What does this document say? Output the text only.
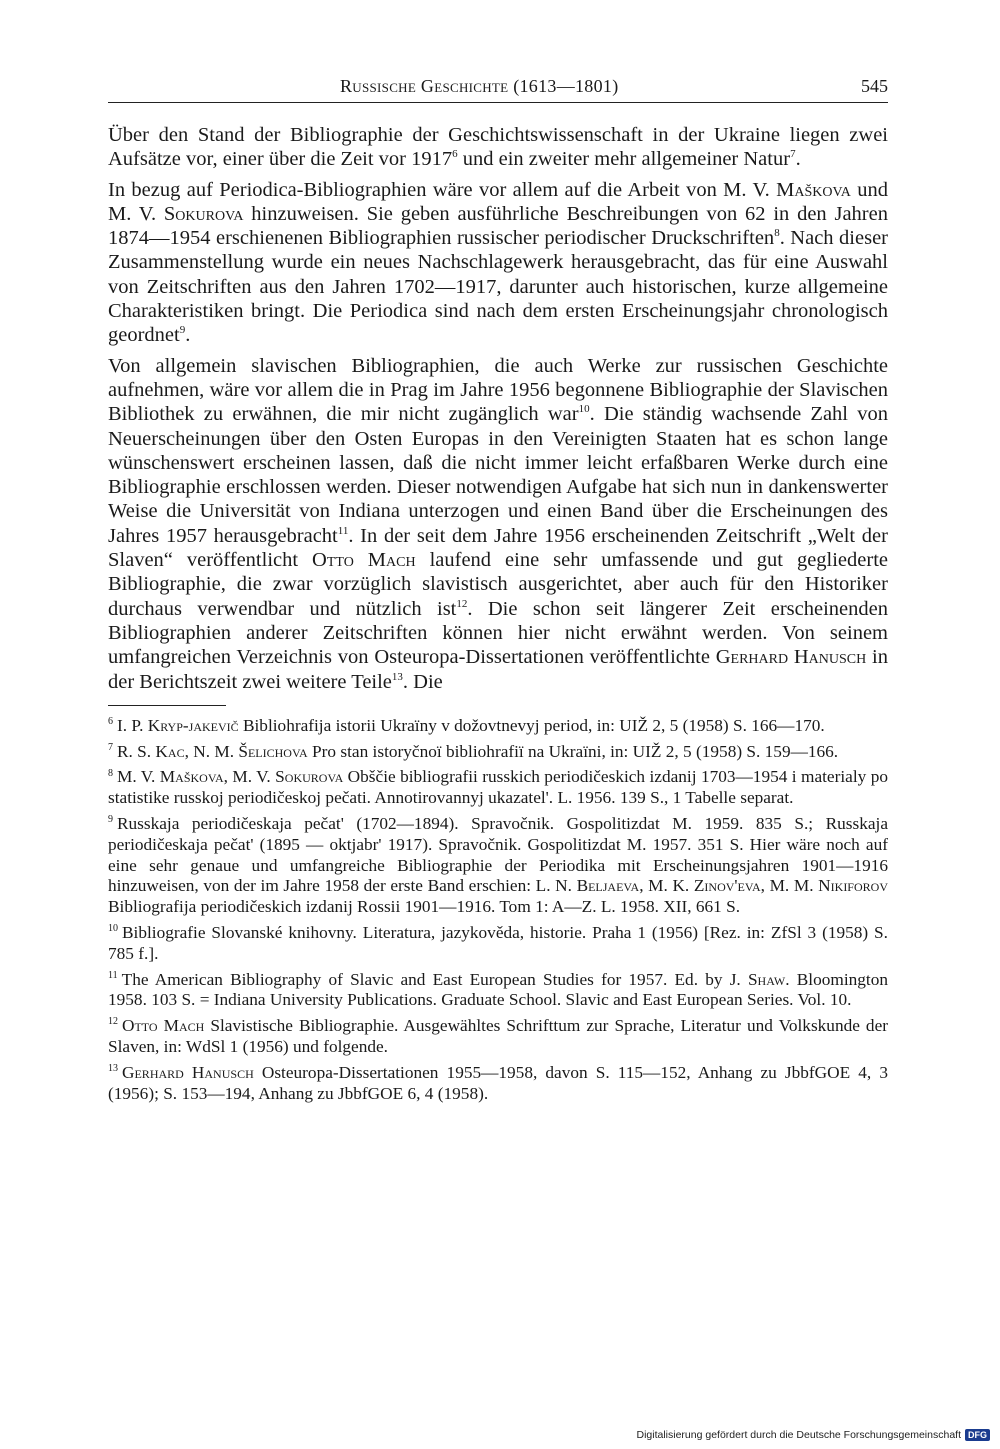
Russische Geschichte (1613—1801)	545

Über den Stand der Bibliographie der Geschichtswissenschaft in der Ukraine liegen zwei Aufsätze vor, einer über die Zeit vor 1917$^6$ und ein zweiter mehr allgemeiner Natur$^7$.

In bezug auf Periodica-Bibliographien wäre vor allem auf die Arbeit von M. V. Maškova und M. V. Sokurova hinzuweisen. Sie geben ausführliche Beschreibungen von 62 in den Jahren 1874—1954 erschienenen Bibliographien russischer periodischer Druckschriften$^8$. Nach dieser Zusammenstellung wurde ein neues Nachschlagewerk herausgebracht, das für eine Auswahl von Zeitschriften aus den Jahren 1702—1917, darunter auch historischen, kurze allgemeine Charakteristiken bringt. Die Periodica sind nach dem ersten Erscheinungsjahr chronologisch geordnet$^9$.

Von allgemein slavischen Bibliographien, die auch Werke zur russischen Geschichte aufnehmen, wäre vor allem die in Prag im Jahre 1956 begonnene Bibliographie der Slavischen Bibliothek zu erwähnen, die mir nicht zugänglich war$^{10}$. Die ständig wachsende Zahl von Neuerscheinungen über den Osten Europas in den Vereinigten Staaten hat es schon lange wünschenswert erscheinen lassen, daß die nicht immer leicht erfaßbaren Werke durch eine Bibliographie erschlossen werden. Dieser notwendigen Aufgabe hat sich nun in dankenswerter Weise die Universität von Indiana unterzogen und einen Band über die Erscheinungen des Jahres 1957 herausgebracht$^{11}$. In der seit dem Jahre 1956 erscheinenden Zeitschrift „Welt der Slaven“ veröffentlicht Otto Mach laufend eine sehr umfassende und gut gegliederte Bibliographie, die zwar vorzüglich slavistisch ausgerichtet, aber auch für den Historiker durchaus verwendbar und nützlich ist$^{12}$. Die schon seit längerer Zeit erscheinenden Bibliographien anderer Zeitschriften können hier nicht erwähnt werden. Von seinem umfangreichen Verzeichnis von Osteuropa-Dissertationen veröffentlichte Gerhard Hanusch in der Berichtszeit zwei weitere Teile$^{13}$. Die

$^6$ I. P. Kryp-jakevič Bibliohrafija istorii Ukraïny v dožovtnevyj period, in: UIŽ 2, 5 (1958) S. 166—170.

$^7$ R. S. Kac, N. M. Šelichova Pro stan istoryčnoï bibliohrafiï na Ukraïni, in: UIŽ 2, 5 (1958) S. 159—166.

$^8$ M. V. Maškova, M. V. Sokurova Obščie bibliografii russkich periodičeskich izdanij 1703—1954 i materialy po statistike russkoj periodičeskoj pečati. Annotirovannyj ukazatel'. L. 1956. 139 S., 1 Tabelle separat.

$^9$ Russkaja periodičeskaja pečat' (1702—1894). Spravočnik. Gospolitizdat M. 1959. 835 S.; Russkaja periodičeskaja pečat' (1895 — oktjabr' 1917). Spravočnik. Gospolitizdat M. 1957. 351 S. Hier wäre noch auf eine sehr genaue und umfangreiche Bibliographie der Periodika mit Erscheinungsjahren 1901—1916 hinzuweisen, von der im Jahre 1958 der erste Band erschien: L. N. Beljaeva, M. K. Zinov'eva, M. M. Nikiforov Bibliografija periodičeskich izdanij Rossii 1901—1916. Tom 1: A—Z. L. 1958. XII, 661 S.

$^{10}$ Bibliografie Slovanské knihovny. Literatura, jazykověda, historie. Praha 1 (1956) [Rez. in: ZfSl 3 (1958) S. 785 f.].

$^{11}$ The American Bibliography of Slavic and East European Studies for 1957. Ed. by J. Shaw. Bloomington 1958. 103 S. = Indiana University Publications. Graduate School. Slavic and East European Series. Vol. 10.

$^{12}$ Otto Mach Slavistische Bibliographie. Ausgewähltes Schrifttum zur Sprache, Literatur und Volkskunde der Slaven, in: WdSl 1 (1956) und folgende.

$^{13}$ Gerhard Hanusch Osteuropa-Dissertationen 1955—1958, davon S. 115—152, Anhang zu JbbfGOE 4, 3 (1956); S. 153—194, Anhang zu JbbfGOE 6, 4 (1958).

Digitalisierung gefördert durch die Deutsche Forschungsgemeinschaft DFG
